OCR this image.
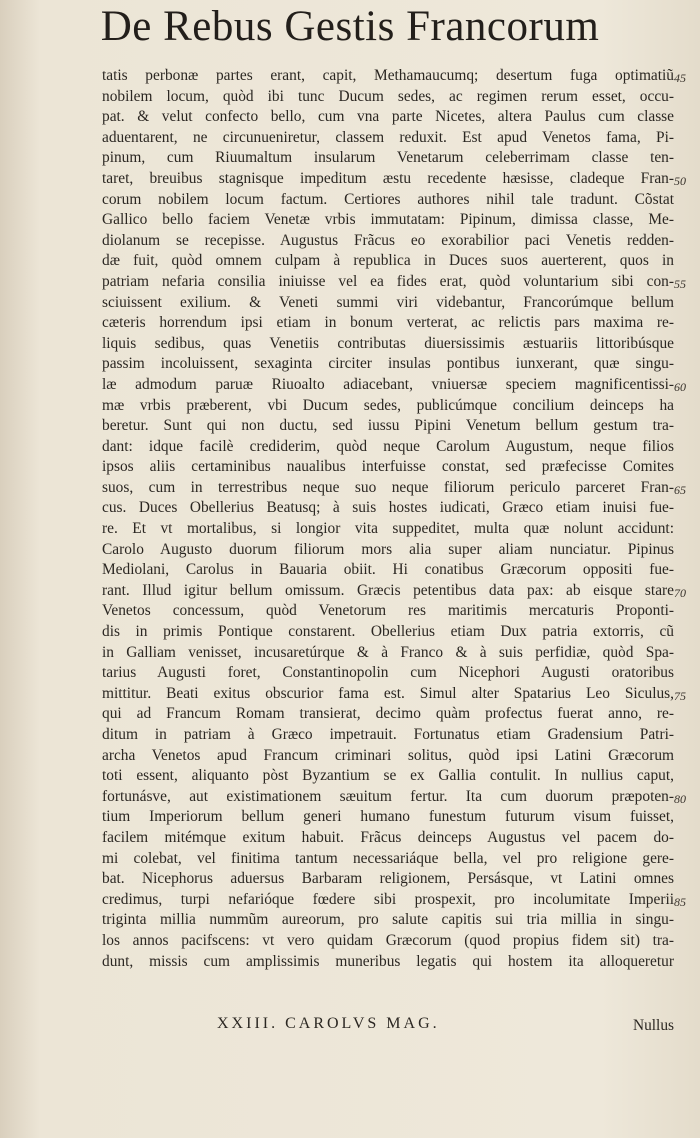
De Rebus Gestis Francorum
tatis perbonæ partes erant, capit, Methamaucumq; desertum fuga optimatiũ
nobilem locum, quòd ibi tunc Ducum sedes, ac regimen rerum esset, occu-
pat. & velut confecto bello, cum vna parte Nicetes, altera Paulus cum classe
aduentarent, ne circunueniretur, classem reduxit. Est apud Venetos fama, Pi-
pinum, cum Riuumaltum insularum Venetarum celeberrimam classe ten-
taret, breuibus stagnisque impeditum æstu recedente hæsisse, cladeque Fran-
corum nobilem locum factum. Certiores authores nihil tale tradunt. Cõstat
Gallico bello faciem Venetæ vrbis immutatam: Pipinum, dimissa classe, Me-
diolanum se recepisse. Augustus Frãcus eo exorabilior paci Venetis redden-
dæ fuit, quòd omnem culpam à republica in Duces suos auerterent, quos in
patriam nefaria consilia iniuisse vel ea fides erat, quòd voluntarium sibi con-
sciuissent exilium. & Veneti summi viri videbantur, Francorúmque bellum
cæteris horrendum ipsi etiam in bonum verterat, ac relictis pars maxima re-
liquis sedibus, quas Venetiis contributas diuersissimis æstuariis littoribúsque
passim incoluissent, sexaginta circiter insulas pontibus iunxerant, quæ singu-
læ admodum paruæ Riuoalto adiacebant, vniuersæ speciem magnificentissi-
mæ vrbis præberent, vbi Ducum sedes, publicúmque concilium deinceps ha
beretur. Sunt qui non ductu, sed iussu Pipini Venetum bellum gestum tra-
dant: idque facilè crediderim, quòd neque Carolum Augustum, neque filios
ipsos aliis certaminibus naualibus interfuisse constat, sed præfecisse Comites
suos, cum in terrestribus neque suo neque filiorum periculo parceret Fran-
cus. Duces Obellerius Beatusq; à suis hostes iudicati, Græco etiam inuisi fue-
re. Et vt mortalibus, si longior vita suppeditet, multa quæ nolunt accidunt:
Carolo Augusto duorum filiorum mors alia super aliam nunciatur. Pipinus
Mediolani, Carolus in Bauaria obiit. Hi conatibus Græcorum oppositi fue-
rant. Illud igitur bellum omissum. Græcis petentibus data pax: ab eisque stare
Venetos concessum, quòd Venetorum res maritimis mercaturis Proponti-
dis in primis Pontique constarent. Obellerius etiam Dux patria extorris, cũ
in Galliam venisset, incusaretúrque & à Franco & à suis perfidiæ, quòd Spa-
tarius Augusti foret, Constantinopolin cum Nicephori Augusti oratoribus
mittitur. Beati exitus obscurior fama est. Simul alter Spatarius Leo Siculus,
qui ad Francum Romam transierat, decimo quàm profectus fuerat anno, re-
ditum in patriam à Græco impetrauit. Fortunatus etiam Gradensium Patri-
archa Venetos apud Francum criminari solitus, quòd ipsi Latini Græcorum
toti essent, aliquanto pòst Byzantium se ex Gallia contulit. In nullius caput,
fortunásve, aut existimationem sæuitum fertur. Ita cum duorum præpoten-
tium Imperiorum bellum generi humano funestum futurum visum fuisset,
facilem mitémque exitum habuit. Frãcus deinceps Augustus vel pacem do-
mi colebat, vel finitima tantum necessariáque bella, vel pro religione gere-
bat. Nicephorus aduersus Barbaram religionem, Persásque, vt Latini omnes
credimus, turpi nefarióque fœdere sibi prospexit, pro incolumitate Imperii
triginta millia nummũm aureorum, pro salute capitis sui tria millia in singu-
los annos pacifscens: vt vero quidam Græcorum (quod propius fidem sit) tra-
dunt, missis cum amplissimis muneribus legatis qui hostem ita alloqueretur
45
50
55
60
65
70
75
80
85
XXIII. CAROLVS MAG.	Nullus
